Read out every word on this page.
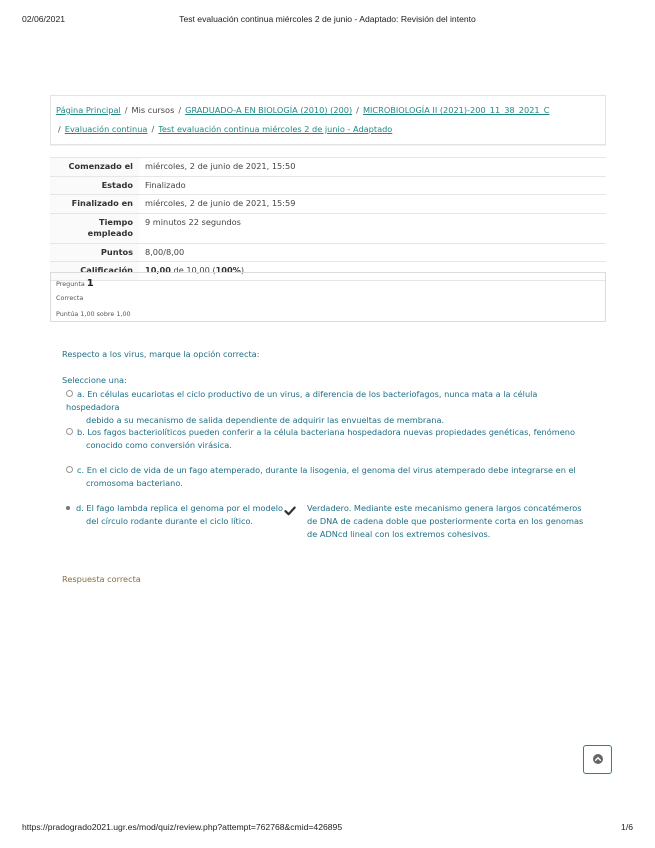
02/06/2021	Test evaluación continua miércoles 2 de junio - Adaptado: Revisión del intento
Página Principal / Mis cursos / GRADUADO-A EN BIOLOGÍA (2010) (200) / MICROBIOLOGÍA II (2021)-200_11_38_2021_C
/ Evaluación continua / Test evaluación continua miércoles 2 de junio - Adaptado
Comenzado el	miércoles, 2 de junio de 2021, 15:50
Estado	Finalizado
Finalizado en	miércoles, 2 de junio de 2021, 15:59
Tiempo
empleado	9 minutos 22 segundos
Puntos	8,00/8,00
Calificación	10,00 de 10,00 (100%)
Pregunta 1
Correcta
Puntúa 1,00 sobre 1,00
Respecto a los virus, marque la opción correcta:
Seleccione una:
a. En células eucariotas el ciclo productivo de un virus, a diferencia de los bacteriofagos, nunca mata a la célula hospedadora
debido a su mecanismo de salida dependiente de adquirir las envueltas de membrana.
b. Los fagos bacteriolíticos pueden conferir a la célula bacteriana hospedadora nuevas propiedades genéticas, fenómeno
conocido como conversión virásica.
c. En el ciclo de vida de un fago atemperado, durante la lisogenia, el genoma del virus atemperado debe integrarse en el
cromosoma bacteriano.
d. El fago lambda replica el genoma por el modelo
del círculo rodante durante el ciclo lítico.
Verdadero. Mediante este mecanismo genera largos concatémeros de DNA de cadena doble que posteriormente corta en los genomas de ADNcd lineal con los extremos cohesivos.
Respuesta correcta
https://pradogrado2021.ugr.es/mod/quiz/review.php?attempt=762768&cmid=426895	1/6
